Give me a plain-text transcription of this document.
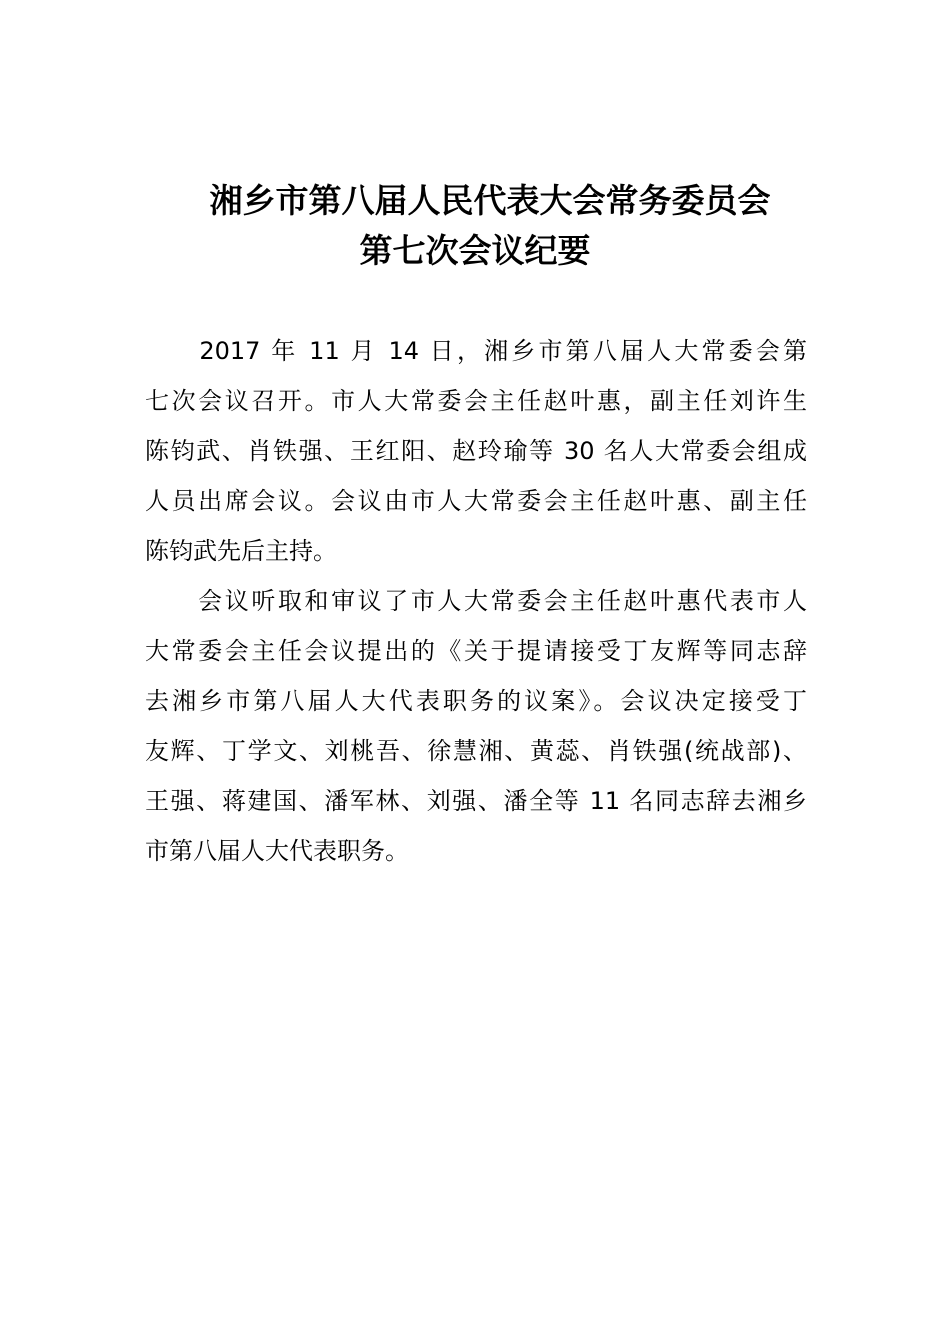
湘乡市第八届人民代表大会常务委员会
第七次会议纪要
　　2017 年 11 月 14 日，湘乡市第八届人大常委会第
七次会议召开。市人大常委会主任赵叶惠，副主任刘许生
陈钧武、肖铁强、王红阳、赵玲瑜等 30 名人大常委会组成
人员出席会议。会议由市人大常委会主任赵叶惠、副主任
陈钧武先后主持。
　　会议听取和审议了市人大常委会主任赵叶惠代表市人
大常委会主任会议提出的《关于提请接受丁友辉等同志辞
去湘乡市第八届人大代表职务的议案》。会议决定接受丁
友辉、丁学文、刘桃吾、徐慧湘、黄蕊、肖铁强(统战部)、
王强、蒋建国、潘军林、刘强、潘全等 11 名同志辞去湘乡
市第八届人大代表职务。
